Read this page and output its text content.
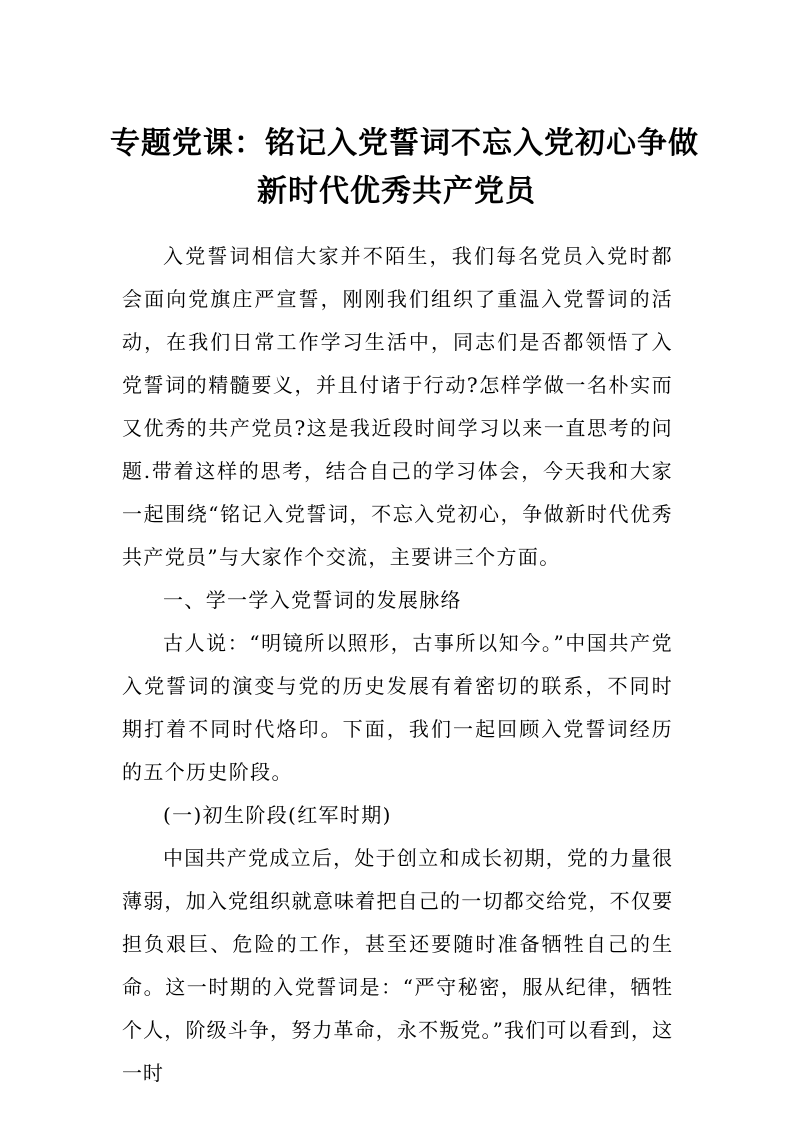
专题党课：铭记入党誓词不忘入党初心争做
新时代优秀共产党员

入党誓词相信大家并不陌生，我们每名党员入党时都会面向党旗庄严宣誓，刚刚我们组织了重温入党誓词的活动，在我们日常工作学习生活中，同志们是否都领悟了入党誓词的精髓要义，并且付诸于行动?怎样学做一名朴实而又优秀的共产党员?这是我近段时间学习以来一直思考的问题.带着这样的思考，结合自己的学习体会，今天我和大家一起围绕“铭记入党誓词，不忘入党初心，争做新时代优秀共产党员”与大家作个交流，主要讲三个方面。

一、学一学入党誓词的发展脉络

古人说：“明镜所以照形，古事所以知今。”中国共产党入党誓词的演变与党的历史发展有着密切的联系，不同时期打着不同时代烙印。下面，我们一起回顾入党誓词经历的五个历史阶段。

(一)初生阶段(红军时期)

中国共产党成立后，处于创立和成长初期，党的力量很薄弱，加入党组织就意味着把自己的一切都交给党，不仅要担负艰巨、危险的工作，甚至还要随时准备牺牲自己的生命。这一时期的入党誓词是：“严守秘密，服从纪律，牺牲个人，阶级斗争，努力革命，永不叛党。”我们可以看到，这一时
